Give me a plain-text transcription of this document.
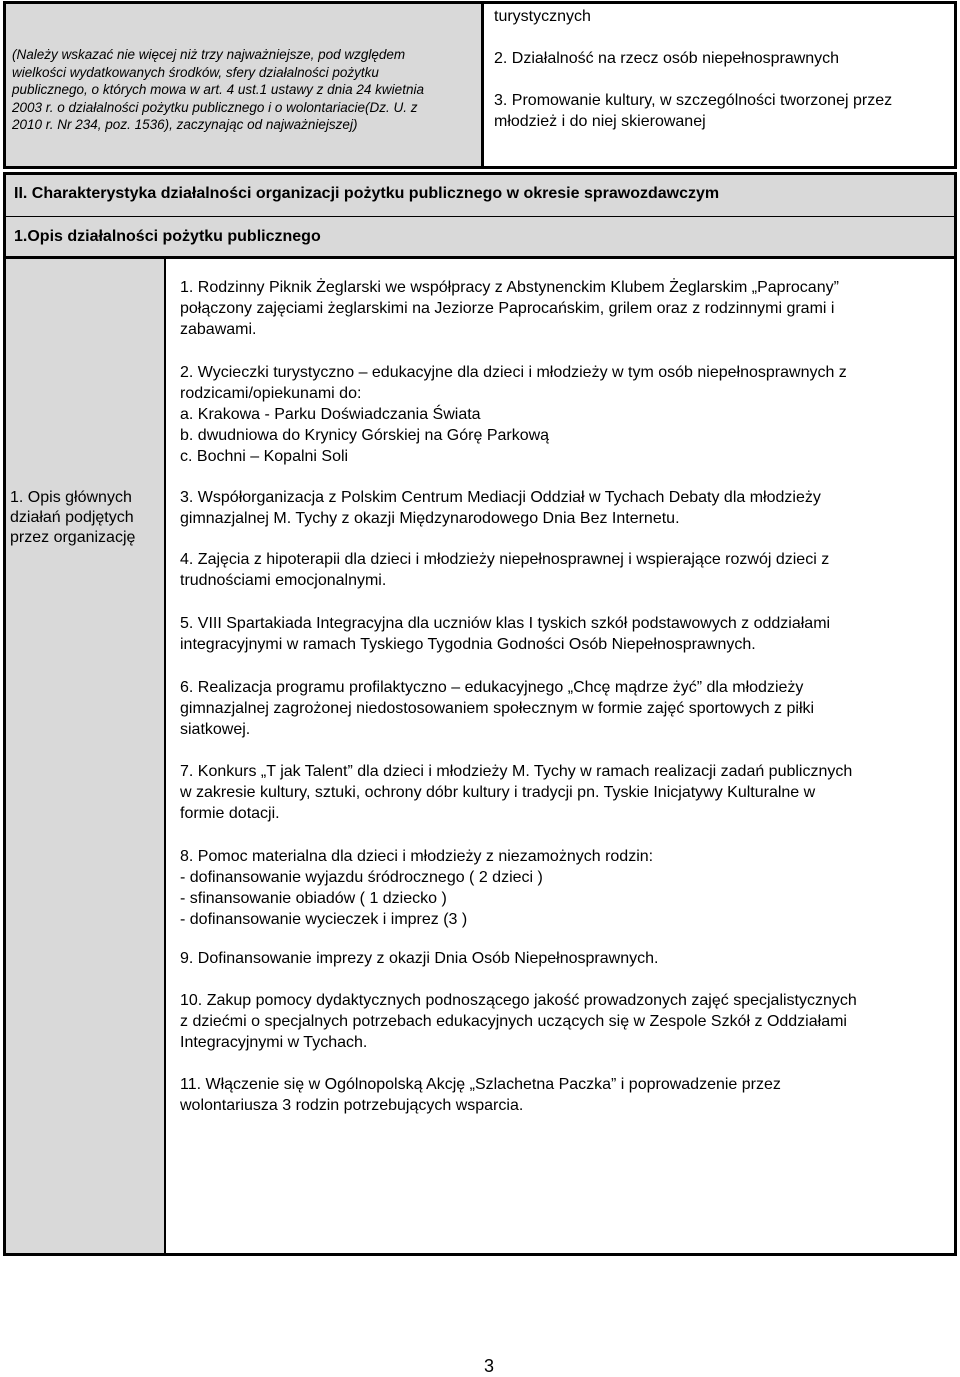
(Należy wskazać nie więcej niż trzy najważniejsze, pod względem
wielkości wydatkowanych środków, sfery działalności pożytku
publicznego, o których mowa w art. 4 ust.1 ustawy z dnia 24 kwietnia
2003 r. o działalności pożytku publicznego i o wolontariacie(Dz. U. z
2010 r. Nr 234, poz. 1536), zaczynając od najważniejszej)
turystycznych
2. Działalność na rzecz osób niepełnosprawnych
3. Promowanie kultury, w szczególności tworzonej przez
młodzież i do niej skierowanej
II. Charakterystyka działalności organizacji pożytku publicznego w okresie sprawozdawczym
1.Opis działalności pożytku publicznego
1. Opis głównych
działań podjętych
przez organizację
1. Rodzinny Piknik Żeglarski we współpracy z Abstynenckim Klubem Żeglarskim „Paprocany”
połączony zajęciami żeglarskimi na Jeziorze Paprocańskim, grilem oraz z rodzinnymi grami i
zabawami.
2. Wycieczki turystyczno – edukacyjne dla dzieci i młodzieży w tym osób niepełnosprawnych z
rodzicami/opiekunami do:
a. Krakowa - Parku Doświadczania Świata
b. dwudniowa do Krynicy Górskiej na Górę Parkową
c. Bochni – Kopalni Soli
3. Współorganizacja z Polskim Centrum Mediacji Oddział w Tychach Debaty dla młodzieży
gimnazjalnej M. Tychy z okazji Międzynarodowego Dnia Bez Internetu.
4. Zajęcia z hipoterapii dla dzieci i młodzieży niepełnosprawnej i wspierające rozwój dzieci z
trudnościami emocjonalnymi.
5. VIII Spartakiada Integracyjna dla uczniów klas I tyskich szkół podstawowych z oddziałami
integracyjnymi w ramach Tyskiego Tygodnia Godności Osób Niepełnosprawnych.
6. Realizacja programu profilaktyczno – edukacyjnego „Chcę mądrze żyć” dla młodzieży
gimnazjalnej zagrożonej niedostosowaniem społecznym w formie zajęć sportowych z piłki
siatkowej.
7. Konkurs „T jak Talent” dla dzieci i młodzieży M. Tychy w ramach realizacji zadań publicznych
w zakresie kultury, sztuki, ochrony dóbr kultury i tradycji pn. Tyskie Inicjatywy Kulturalne w
formie dotacji.
8. Pomoc materialna dla dzieci i młodzieży z niezamożnych rodzin:
- dofinansowanie wyjazdu śródrocznego ( 2 dzieci )
- sfinansowanie obiadów ( 1 dziecko )
- dofinansowanie wycieczek i imprez (3 )
9. Dofinansowanie imprezy z okazji Dnia Osób Niepełnosprawnych.
10. Zakup pomocy dydaktycznych podnoszącego jakość prowadzonych zajęć specjalistycznych
z dziećmi o specjalnych potrzebach edukacyjnych uczących się w Zespole Szkół z Oddziałami
Integracyjnymi w Tychach.
11. Włączenie się w Ogólnopolską Akcję „Szlachetna Paczka” i poprowadzenie przez
wolontariusza 3 rodzin potrzebujących wsparcia.
3
